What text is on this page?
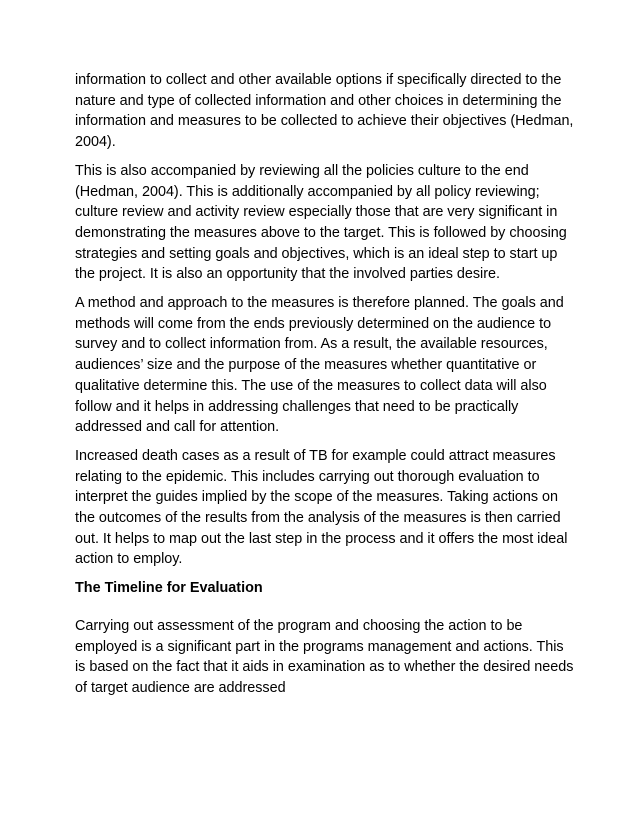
information to collect and other available options if specifically directed to the nature and type of collected information and other choices in determining the information and measures to be collected to achieve their objectives (Hedman, 2004).

This is also accompanied by reviewing all the policies culture to the end (Hedman, 2004). This is additionally accompanied by all policy reviewing; culture review and activity review especially those that are very significant in demonstrating the measures above to the target. This is followed by choosing strategies and setting goals and objectives, which is an ideal step to start up the project. It is also an opportunity that the involved parties desire.

A method and approach to the measures is therefore planned. The goals and methods will come from the ends previously determined on the audience to survey and to collect information from. As a result, the available resources, audiences’ size and the purpose of the measures whether quantitative or qualitative determine this. The use of the measures to collect data will also follow and it helps in addressing challenges that need to be practically addressed and call for attention.

Increased death cases as a result of TB for example could attract measures relating to the epidemic. This includes carrying out thorough evaluation to interpret the guides implied by the scope of the measures. Taking actions on the outcomes of the results from the analysis of the measures is then carried out. It helps to map out the last step in the process and it offers the most ideal action to employ.

The Timeline for Evaluation

Carrying out assessment of the program and choosing the action to be employed is a significant part in the programs management and actions. This is based on the fact that it aids in examination as to whether the desired needs of target audience are addressed
